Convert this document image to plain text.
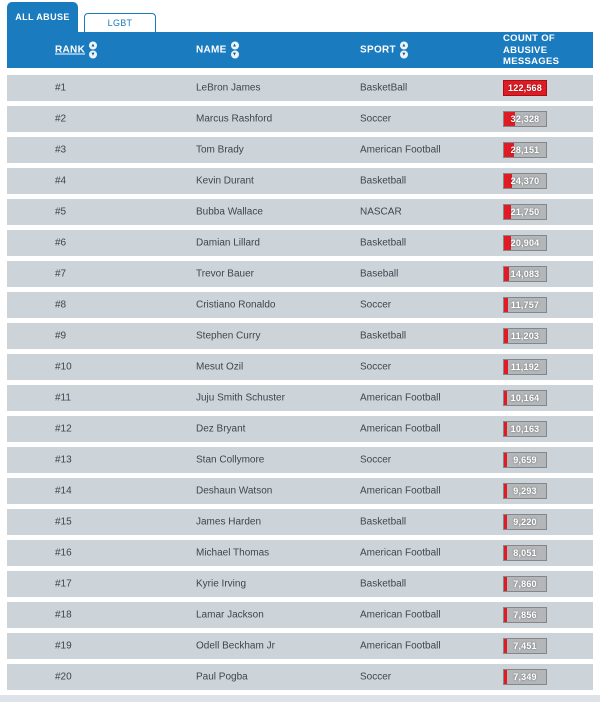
ALL ABUSE
LGBT
RANK ▲
▼	NAME ▲
▼	SPORT ▲
▼
COUNT OF ABUSIVE MESSAGES
#1	LeBron James	BasketBall	122,568
#2	Marcus Rashford	Soccer	32,328
#3	Tom Brady	American Football	28,151
#4	Kevin Durant	Basketball	24,370
#5	Bubba Wallace	NASCAR	21,750
#6	Damian Lillard	Basketball	20,904
#7	Trevor Bauer	Baseball	14,083
#8	Cristiano Ronaldo	Soccer	11,757
#9	Stephen Curry	Basketball	11,203
#10	Mesut Ozil	Soccer	11,192
#11	Juju Smith Schuster	American Football	10,164
#12	Dez Bryant	American Football	10,163
#13	Stan Collymore	Soccer	9,659
#14	Deshaun Watson	American Football	9,293
#15	James Harden	Basketball	9,220
#16	Michael Thomas	American Football	8,051
#17	Kyrie Irving	Basketball	7,860
#18	Lamar Jackson	American Football	7,856
#19	Odell Beckham Jr	American Football	7,451
#20	Paul Pogba	Soccer	7,349
